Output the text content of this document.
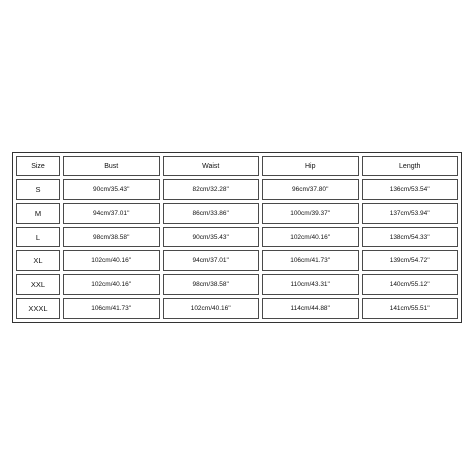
Size	Bust	Waist	Hip	Length
S	90cm/35.43''	82cm/32.28''	96cm/37.80''	136cm/53.54''
M	94cm/37.01''	86cm/33.86''	100cm/39.37''	137cm/53.94''
L	98cm/38.58''	90cm/35.43''	102cm/40.16''	138cm/54.33''
XL	102cm/40.16''	94cm/37.01''	106cm/41.73''	139cm/54.72''
XXL	102cm/40.16''	98cm/38.58''	110cm/43.31''	140cm/55.12''
XXXL	106cm/41.73''	102cm/40.16''	114cm/44.88''	141cm/55.51''
